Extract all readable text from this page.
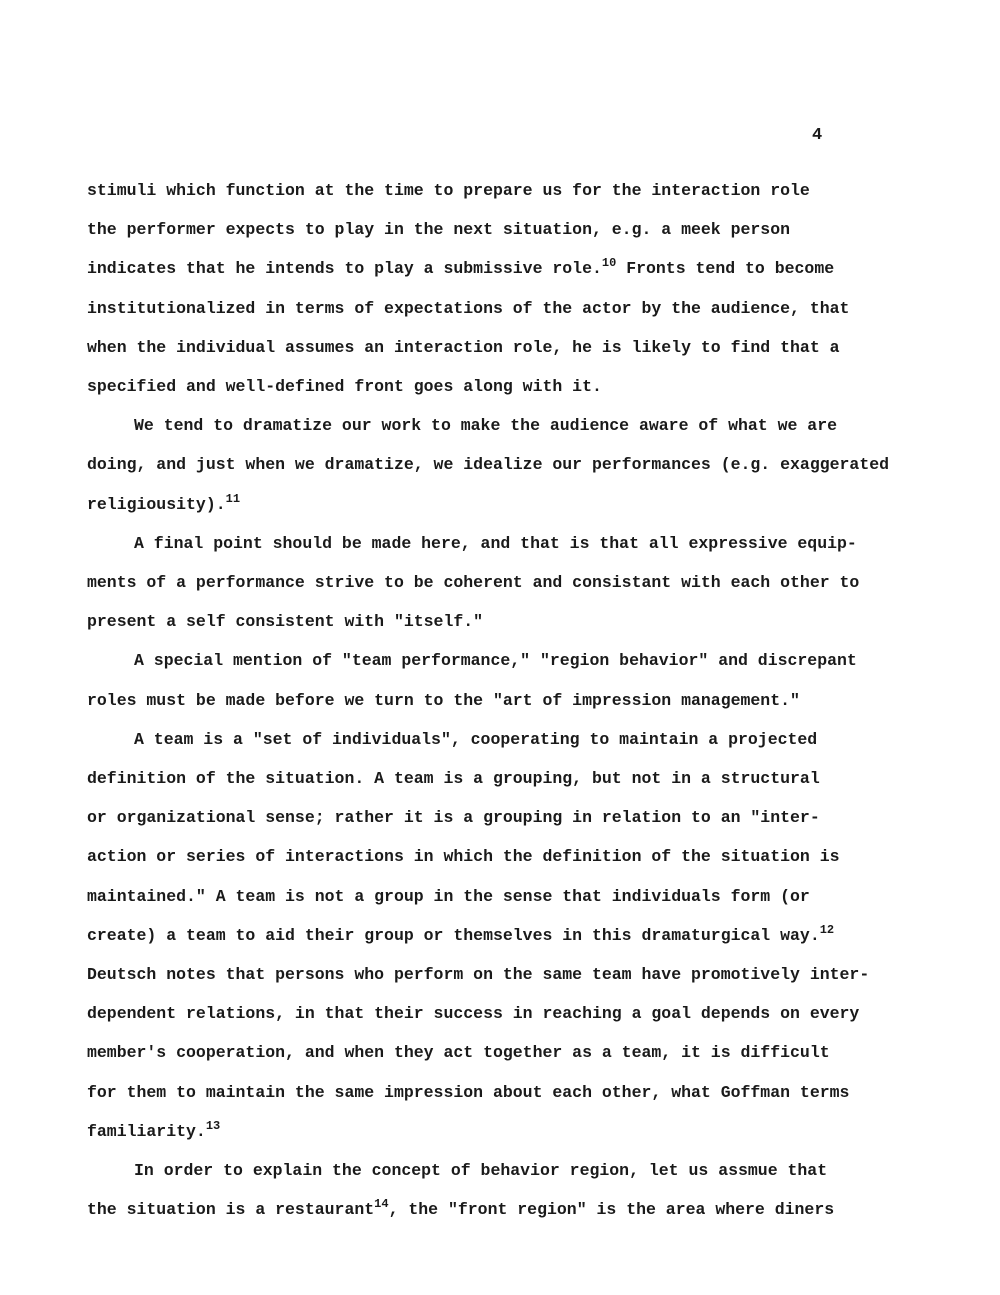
4
stimuli which function at the time to prepare us for the interaction role
the performer expects to play in the next situation, e.g. a meek person
indicates that he intends to play a submissive role.$^{10}$ Fronts tend to become
institutionalized in terms of expectations of the actor by the audience, that
when the individual assumes an interaction role, he is likely to find that a
specified and well-defined front goes along with it.
We tend to dramatize our work to make the audience aware of what we are
doing, and just when we dramatize, we idealize our performances (e.g. exaggerated
religiousity).$^{11}$
A final point should be made here, and that is that all expressive equip-
ments of a performance strive to be coherent and consistant with each other to
present a self consistent with "itself."
A special mention of "team performance," "region behavior" and discrepant
roles must be made before we turn to the "art of impression management."
A team is a "set of individuals", cooperating to maintain a projected
definition of the situation. A team is a grouping, but not in a structural
or organizational sense; rather it is a grouping in relation to an "inter-
action or series of interactions in which the definition of the situation is
maintained." A team is not a group in the sense that individuals form (or
create) a team to aid their group or themselves in this dramaturgical way.$^{12}$
Deutsch notes that persons who perform on the same team have promotively inter-
dependent relations, in that their success in reaching a goal depends on every
member's cooperation, and when they act together as a team, it is difficult
for them to maintain the same impression about each other, what Goffman terms
familiarity.$^{13}$
In order to explain the concept of behavior region, let us assmue that
the situation is a restaurant$^{14}$, the "front region" is the area where diners
